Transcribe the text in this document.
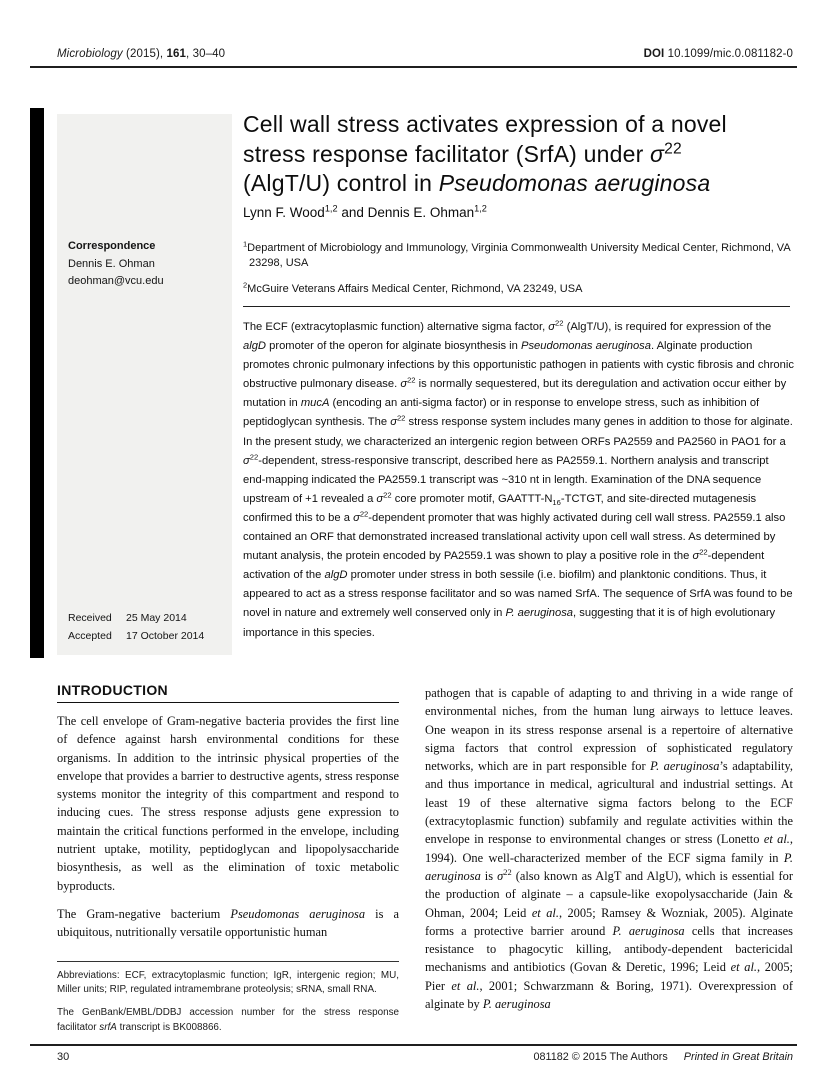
Microbiology (2015), 161, 30–40	DOI 10.1099/mic.0.081182-0
Cell wall stress activates expression of a novel
stress response facilitator (SrfA) under $\sigma^{22}$
(AlgT/U) control in Pseudomonas aeruginosa
Lynn F. Wood$^{1,2}$ and Dennis E. Ohman$^{1,2}$
Correspondence
Dennis E. Ohman
deohman@vcu.edu
$^1$Department of Microbiology and Immunology, Virginia Commonwealth University Medical Center, Richmond, VA 23298, USA
$^2$McGuire Veterans Affairs Medical Center, Richmond, VA 23249, USA
The ECF (extracytoplasmic function) alternative sigma factor, $\sigma^{22}$ (AlgT/U), is required for expression of the algD promoter of the operon for alginate biosynthesis in Pseudomonas aeruginosa. Alginate production promotes chronic pulmonary infections by this opportunistic pathogen in patients with cystic fibrosis and chronic obstructive pulmonary disease. $\sigma^{22}$ is normally sequestered, but its deregulation and activation occur either by mutation in mucA (encoding an anti-sigma factor) or in response to envelope stress, such as inhibition of peptidoglycan synthesis. The $\sigma^{22}$ stress response system includes many genes in addition to those for alginate. In the present study, we characterized an intergenic region between ORFs PA2559 and PA2560 in PAO1 for a $\sigma^{22}$-dependent, stress-responsive transcript, described here as PA2559.1. Northern analysis and transcript end-mapping indicated the PA2559.1 transcript was ~310 nt in length. Examination of the DNA sequence upstream of +1 revealed a $\sigma^{22}$ core promoter motif, GAATTT-$N_{16}$-TCTGT, and site-directed mutagenesis confirmed this to be a $\sigma^{22}$-dependent promoter that was highly activated during cell wall stress. PA2559.1 also contained an ORF that demonstrated increased translational activity upon cell wall stress. As determined by mutant analysis, the protein encoded by PA2559.1 was shown to play a positive role in the $\sigma^{22}$-dependent activation of the algD promoter under stress in both sessile (i.e. biofilm) and planktonic conditions. Thus, it appeared to act as a stress response facilitator and so was named SrfA. The sequence of SrfA was found to be novel in nature and extremely well conserved only in P. aeruginosa, suggesting that it is of high evolutionary importance in this species.
Received	25 May 2014
Accepted	17 October 2014
INTRODUCTION
The cell envelope of Gram-negative bacteria provides the first line of defence against harsh environmental conditions for these organisms. In addition to the intrinsic physical properties of the envelope that provides a barrier to destructive agents, stress response systems monitor the integrity of this compartment and respond to inducing cues. The stress response adjusts gene expression to maintain the critical functions performed in the envelope, including nutrient uptake, motility, peptidoglycan and lipopolysaccharide biosynthesis, as well as the elimination of toxic metabolic byproducts.
The Gram-negative bacterium Pseudomonas aeruginosa is a ubiquitous, nutritionally versatile opportunistic human
Abbreviations: ECF, extracytoplasmic function; IgR, intergenic region; MU, Miller units; RIP, regulated intramembrane proteolysis; sRNA, small RNA.
The GenBank/EMBL/DDBJ accession number for the stress response facilitator srfA transcript is BK008866.
pathogen that is capable of adapting to and thriving in a wide range of environmental niches, from the human lung airways to lettuce leaves. One weapon in its stress response arsenal is a repertoire of alternative sigma factors that control expression of sophisticated regulatory networks, which are in part responsible for P. aeruginosa’s adaptability, and thus importance in medical, agricultural and industrial settings. At least 19 of these alternative sigma factors belong to the ECF (extracytoplasmic function) subfamily and regulate activities within the envelope in response to environmental changes or stress (Lonetto et al., 1994). One well-characterized member of the ECF sigma family in P. aeruginosa is $\sigma^{22}$ (also known as AlgT and AlgU), which is essential for the production of alginate – a capsule-like exopolysaccharide (Jain & Ohman, 2004; Leid et al., 2005; Ramsey & Wozniak, 2005). Alginate forms a protective barrier around P. aeruginosa cells that increases resistance to phagocytic killing, antibody-dependent bactericidal mechanisms and antibiotics (Govan & Deretic, 1996; Leid et al., 2005; Pier et al., 2001; Schwarzmann & Boring, 1971). Overexpression of alginate by P. aeruginosa
30	081182 © 2015 The Authors Printed in Great Britain
